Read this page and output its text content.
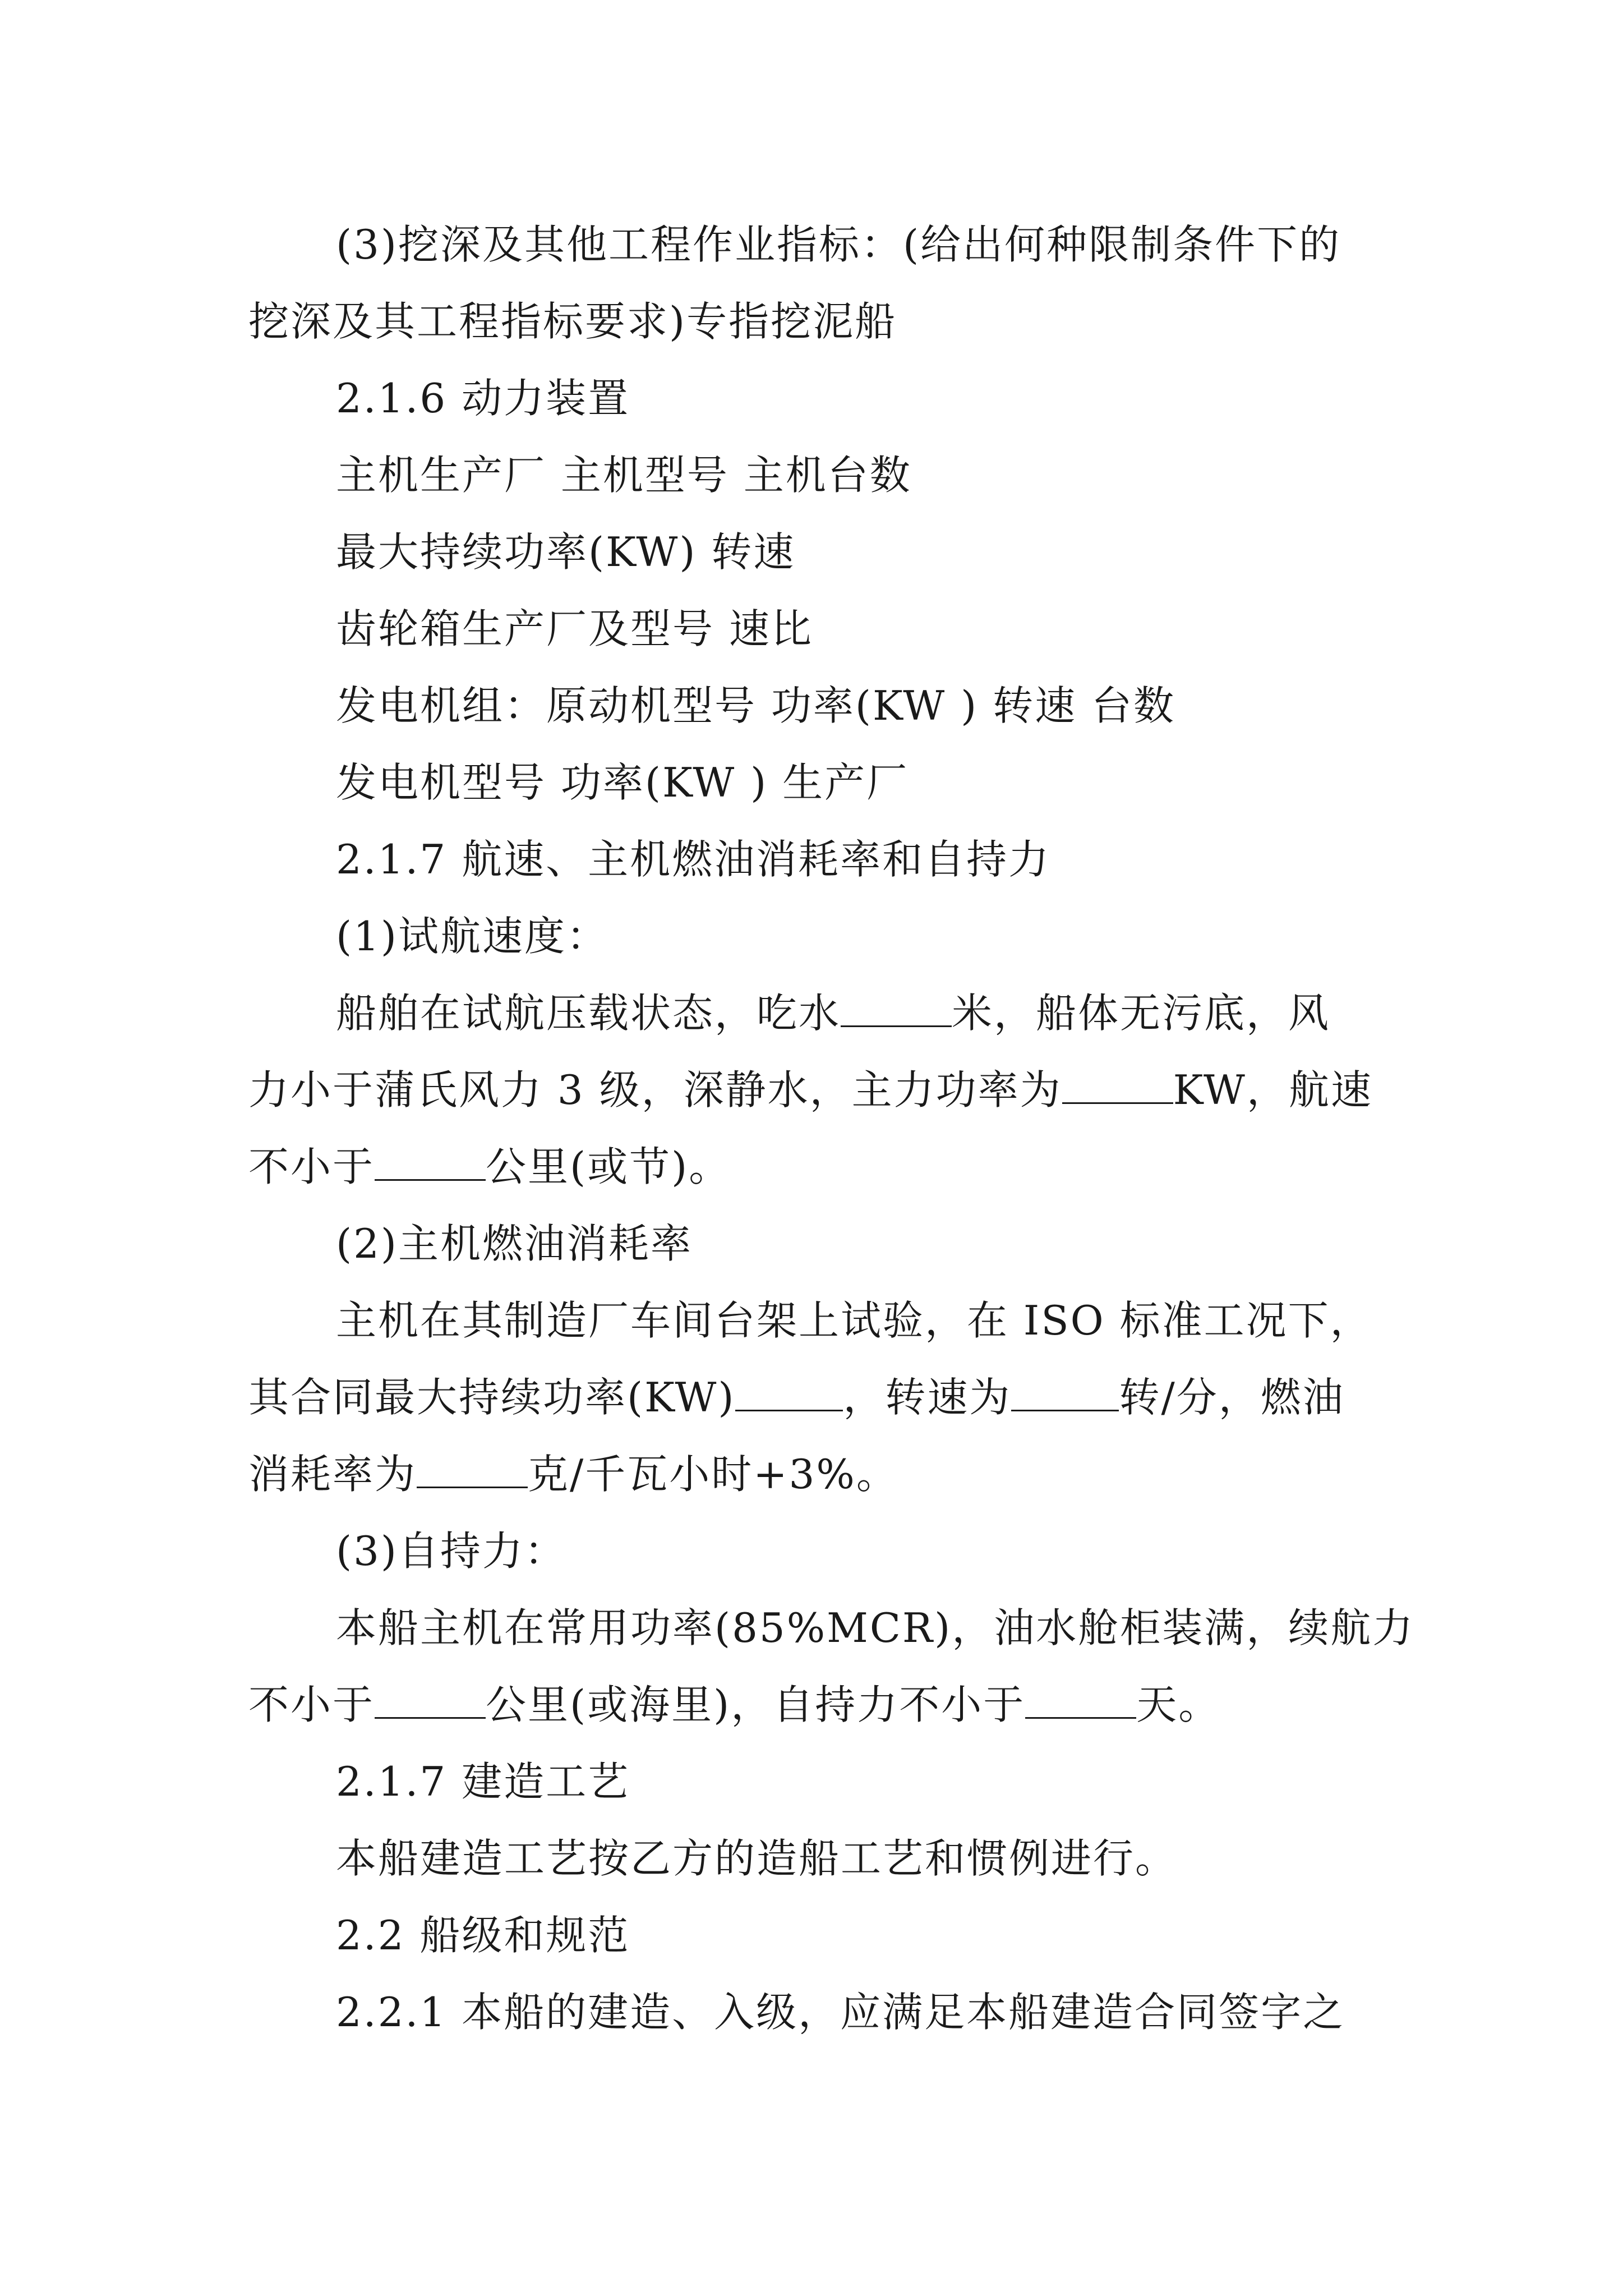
(3)挖深及其他工程作业指标：(给出何种限制条件下的
挖深及其工程指标要求)专指挖泥船
2.1.6 动力装置
主机生产厂 主机型号 主机台数
最大持续功率(KW) 转速
齿轮箱生产厂及型号 速比
发电机组：原动机型号 功率(KW ) 转速 台数
发电机型号 功率(KW ) 生产厂
2.1.7 航速、主机燃油消耗率和自持力
(1)试航速度：
船舶在试航压载状态，吃水	米，船体无污底，风
力小于蒲氏风力 3 级，深静水，主力功率为	KW，航速
不小于	公里(或节)。
(2)主机燃油消耗率
主机在其制造厂车间台架上试验，在 ISO 标准工况下，
其合同最大持续功率(KW)	，转速为	转/分，燃油
消耗率为	克/千瓦小时+3%。
(3)自持力：
本船主机在常用功率(85%MCR)，油水舱柜装满，续航力
不小于	公里(或海里)，自持力不小于	天。
2.1.7 建造工艺
本船建造工艺按乙方的造船工艺和惯例进行。
2.2 船级和规范
2.2.1 本船的建造、入级，应满足本船建造合同签字之
